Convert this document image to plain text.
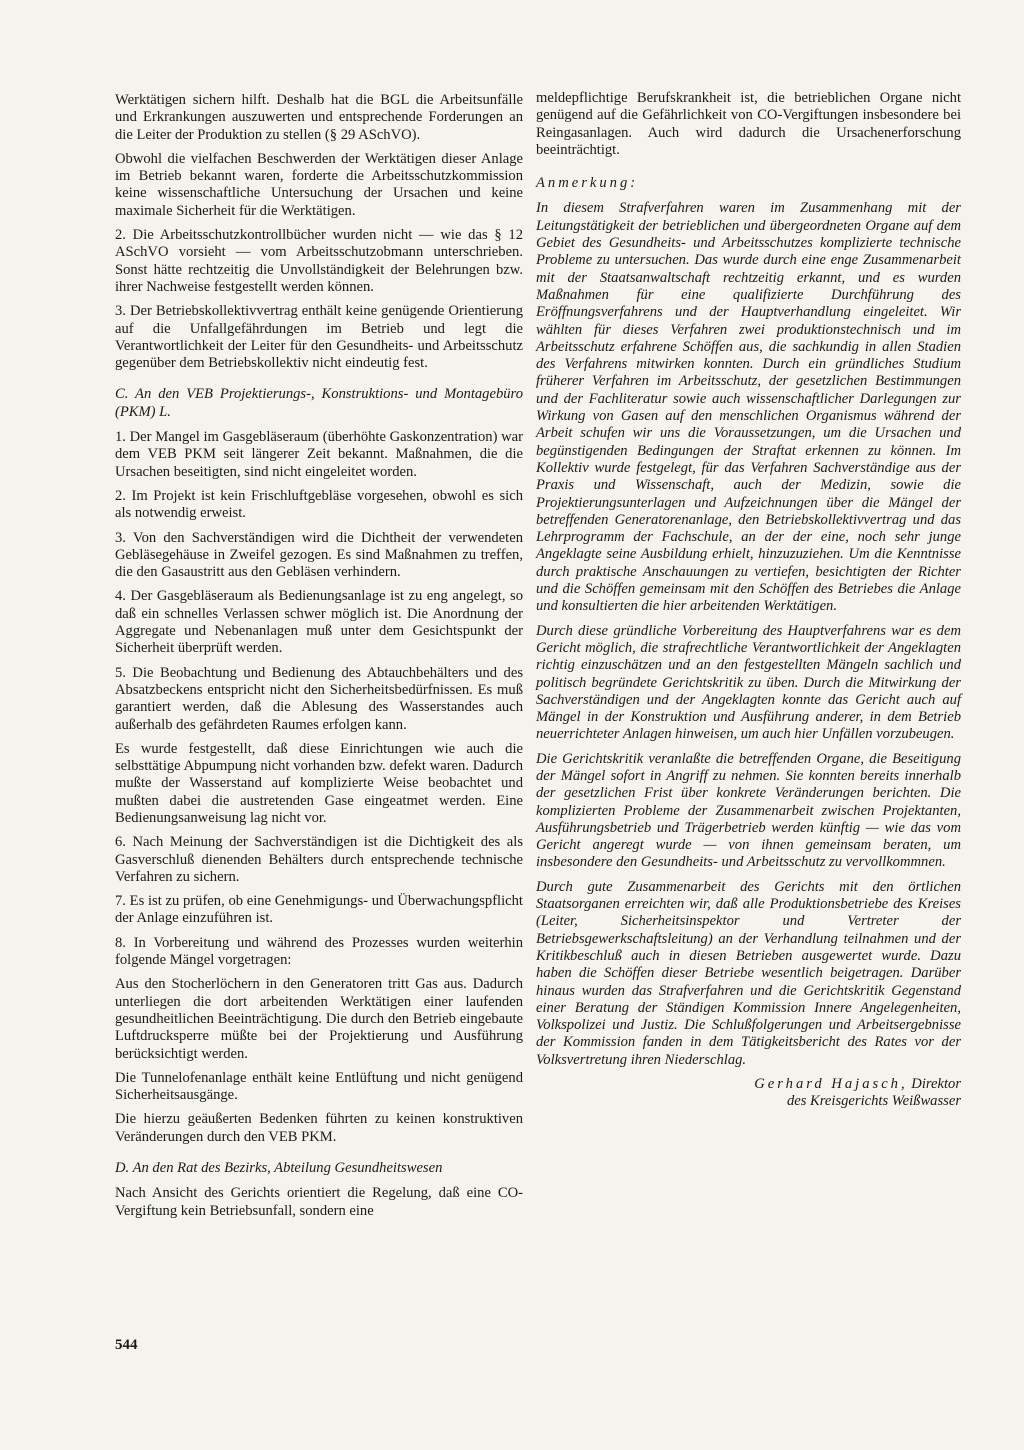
Werktätigen sichern hilft. Deshalb hat die BGL die Arbeitsunfälle und Erkrankungen auszuwerten und entsprechende Forderungen an die Leiter der Produktion zu stellen (§ 29 ASchVO).

Obwohl die vielfachen Beschwerden der Werktätigen dieser Anlage im Betrieb bekannt waren, forderte die Arbeitsschutzkommission keine wissenschaftliche Untersuchung der Ursachen und keine maximale Sicherheit für die Werktätigen.

2. Die Arbeitsschutzkontrollbücher wurden nicht — wie das § 12 ASchVO vorsieht — vom Arbeitsschutzobmann unterschrieben. Sonst hätte rechtzeitig die Unvollständigkeit der Belehrungen bzw. ihrer Nachweise festgestellt werden können.

3. Der Betriebskollektivvertrag enthält keine genügende Orientierung auf die Unfallgefährdungen im Betrieb und legt die Verantwortlichkeit der Leiter für den Gesundheits- und Arbeitsschutz gegenüber dem Betriebskollektiv nicht eindeutig fest.

C. An den VEB Projektierungs-, Konstruktions- und Montagebüro (PKM) L.

1. Der Mangel im Gasgebläseraum (überhöhte Gaskonzentration) war dem VEB PKM seit längerer Zeit bekannt. Maßnahmen, die die Ursachen beseitigten, sind nicht eingeleitet worden.

2. Im Projekt ist kein Frischluftgebläse vorgesehen, obwohl es sich als notwendig erweist.

3. Von den Sachverständigen wird die Dichtheit der verwendeten Gebläsegehäuse in Zweifel gezogen. Es sind Maßnahmen zu treffen, die den Gasaustritt aus den Gebläsen verhindern.

4. Der Gasgebläseraum als Bedienungsanlage ist zu eng angelegt, so daß ein schnelles Verlassen schwer möglich ist. Die Anordnung der Aggregate und Nebenanlagen muß unter dem Gesichtspunkt der Sicherheit überprüft werden.

5. Die Beobachtung und Bedienung des Abtauchbehälters und des Absatzbeckens entspricht nicht den Sicherheitsbedürfnissen. Es muß garantiert werden, daß die Ablesung des Wasserstandes auch außerhalb des gefährdeten Raumes erfolgen kann.

Es wurde festgestellt, daß diese Einrichtungen wie auch die selbsttätige Abpumpung nicht vorhanden bzw. defekt waren. Dadurch mußte der Wasserstand auf komplizierte Weise beobachtet und mußten dabei die austretenden Gase eingeatmet werden. Eine Bedienungsanweisung lag nicht vor.

6. Nach Meinung der Sachverständigen ist die Dichtigkeit des als Gasverschluß dienenden Behälters durch entsprechende technische Verfahren zu sichern.

7. Es ist zu prüfen, ob eine Genehmigungs- und Überwachungspflicht der Anlage einzuführen ist.

8. In Vorbereitung und während des Prozesses wurden weiterhin folgende Mängel vorgetragen:

Aus den Stocherlöchern in den Generatoren tritt Gas aus. Dadurch unterliegen die dort arbeitenden Werktätigen einer laufenden gesundheitlichen Beeinträchtigung. Die durch den Betrieb eingebaute Luftdrucksperre müßte bei der Projektierung und Ausführung berücksichtigt werden.

Die Tunnelofenanlage enthält keine Entlüftung und nicht genügend Sicherheitsausgänge.

Die hierzu geäußerten Bedenken führten zu keinen konstruktiven Veränderungen durch den VEB PKM.

D. An den Rat des Bezirks, Abteilung Gesundheitswesen

Nach Ansicht des Gerichts orientiert die Regelung, daß eine CO-Vergiftung kein Betriebsunfall, sondern eine

meldepflichtige Berufskrankheit ist, die betrieblichen Organe nicht genügend auf die Gefährlichkeit von CO-Vergiftungen insbesondere bei Reingasanlagen. Auch wird dadurch die Ursachenerforschung beeinträchtigt.

Anmerkung:

In diesem Strafverfahren waren im Zusammenhang mit der Leitungstätigkeit der betrieblichen und übergeordneten Organe auf dem Gebiet des Gesundheits- und Arbeitsschutzes komplizierte technische Probleme zu untersuchen. Das wurde durch eine enge Zusammenarbeit mit der Staatsanwaltschaft rechtzeitig erkannt, und es wurden Maßnahmen für eine qualifizierte Durchführung des Eröffnungsverfahrens und der Hauptverhandlung eingeleitet. Wir wählten für dieses Verfahren zwei produktionstechnisch und im Arbeitsschutz erfahrene Schöffen aus, die sachkundig in allen Stadien des Verfahrens mitwirken konnten. Durch ein gründliches Studium früherer Verfahren im Arbeitsschutz, der gesetzlichen Bestimmungen und der Fachliteratur sowie auch wissenschaftlicher Darlegungen zur Wirkung von Gasen auf den menschlichen Organismus während der Arbeit schufen wir uns die Voraussetzungen, um die Ursachen und begünstigenden Bedingungen der Straftat erkennen zu können. Im Kollektiv wurde festgelegt, für das Verfahren Sachverständige aus der Praxis und Wissenschaft, auch der Medizin, sowie die Projektierungsunterlagen und Aufzeichnungen über die Mängel der betreffenden Generatorenanlage, den Betriebskollektivvertrag und das Lehrprogramm der Fachschule, an der der eine, noch sehr junge Angeklagte seine Ausbildung erhielt, hinzuzuziehen. Um die Kenntnisse durch praktische Anschauungen zu vertiefen, besichtigten der Richter und die Schöffen gemeinsam mit den Schöffen des Betriebes die Anlage und konsultierten die hier arbeitenden Werktätigen.

Durch diese gründliche Vorbereitung des Hauptverfahrens war es dem Gericht möglich, die strafrechtliche Verantwortlichkeit der Angeklagten richtig einzuschätzen und an den festgestellten Mängeln sachlich und politisch begründete Gerichtskritik zu üben. Durch die Mitwirkung der Sachverständigen und der Angeklagten konnte das Gericht auch auf Mängel in der Konstruktion und Ausführung anderer, in dem Betrieb neuerrichteter Anlagen hinweisen, um auch hier Unfällen vorzubeugen.

Die Gerichtskritik veranlaßte die betreffenden Organe, die Beseitigung der Mängel sofort in Angriff zu nehmen. Sie konnten bereits innerhalb der gesetzlichen Frist über konkrete Veränderungen berichten. Die komplizierten Probleme der Zusammenarbeit zwischen Projektanten, Ausführungsbetrieb und Trägerbetrieb werden künftig — wie das vom Gericht angeregt wurde — von ihnen gemeinsam beraten, um insbesondere den Gesundheits- und Arbeitsschutz zu vervollkommnen.

Durch gute Zusammenarbeit des Gerichts mit den örtlichen Staatsorganen erreichten wir, daß alle Produktionsbetriebe des Kreises (Leiter, Sicherheitsinspektor und Vertreter der Betriebsgewerkschaftsleitung) an der Verhandlung teilnahmen und der Kritikbeschluß auch in diesen Betrieben ausgewertet wurde. Dazu haben die Schöffen dieser Betriebe wesentlich beigetragen. Darüber hinaus wurden das Strafverfahren und die Gerichtskritik Gegenstand einer Beratung der Ständigen Kommission Innere Angelegenheiten, Volkspolizei und Justiz. Die Schlußfolgerungen und Arbeitsergebnisse der Kommission fanden in dem Tätigkeitsbericht des Rates vor der Volksvertretung ihren Niederschlag.

Gerhard Hajasch, Direktor
des Kreisgerichts Weißwasser
544
